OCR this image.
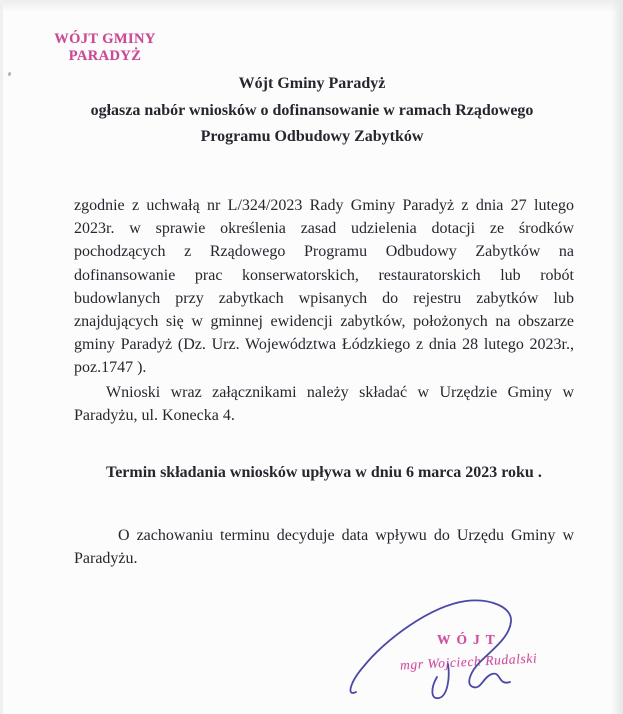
WÓJT GMINY
PARADYŻ
Wójt Gminy Paradyż
ogłasza nabór wniosków o dofinansowanie w ramach Rządowego
Programu Odbudowy Zabytków
zgodnie z uchwałą nr L/324/2023 Rady Gminy Paradyż z dnia 27 lutego 2023r. w sprawie określenia zasad udzielenia dotacji ze środków pochodzących z Rządowego Programu Odbudowy Zabytków na dofinansowanie prac konserwatorskich, restauratorskich lub robót budowlanych przy zabytkach wpisanych do rejestru zabytków lub znajdujących się w gminnej ewidencji zabytków, położonych na obszarze gminy Paradyż (Dz. Urz. Województwa Łódzkiego z dnia 28 lutego 2023r., poz.1747 ).
Wnioski wraz załącznikami należy składać w Urzędzie Gminy w Paradyżu, ul. Konecka 4.
Termin składania wniosków upływa w dniu 6 marca 2023 roku .
O zachowaniu terminu decyduje data wpływu do Urzędu Gminy w Paradyżu.
WÓJT
mgr Wojciech Rudalski
